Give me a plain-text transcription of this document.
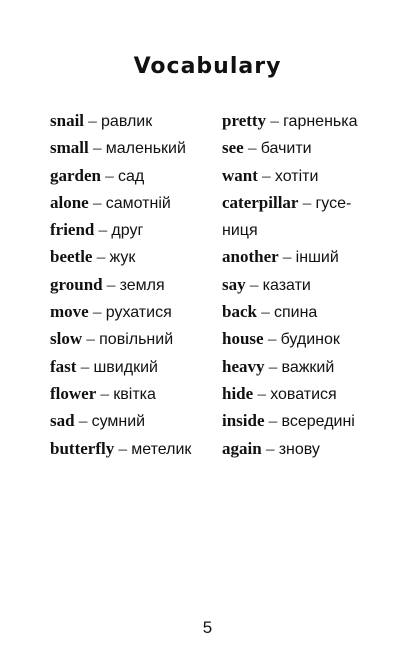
Vocabulary
snail – равлик
small – маленький
garden – сад
alone – самотній
friend – друг
beetle – жук
ground – земля
move – рухатися
slow – повільний
fast – швидкий
flower – квітка
sad – сумний
butterfly – метелик
pretty – гарненька
see – бачити
want – хотіти
caterpillar – гусе-ниця
another – інший
say – казати
back – спина
house – будинок
heavy – важкий
hide – ховатися
inside – всередині
again – знову
5
